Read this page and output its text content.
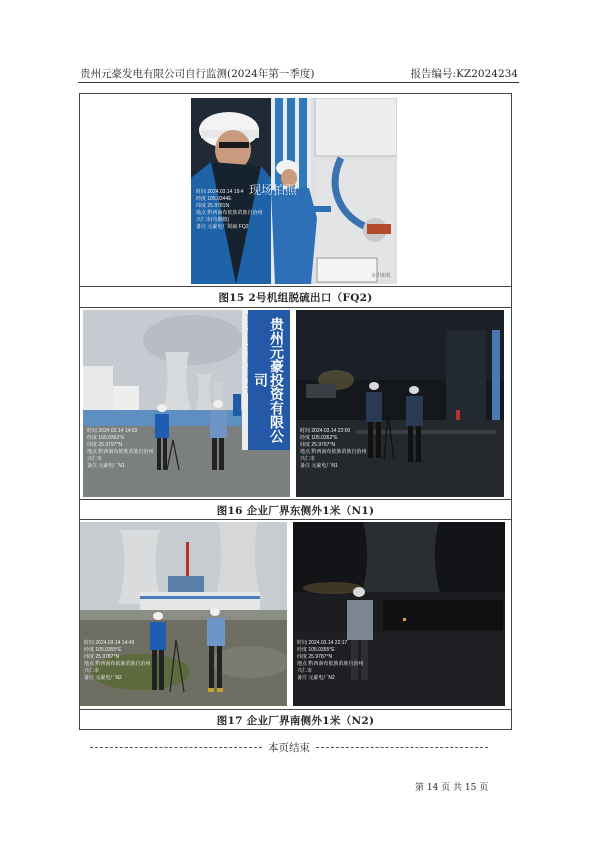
贵州元豪发电有限公司自行监测(2024年第一季度)	报告编号:KZ2024234
时间 2024.03.14 19:4
经度 105.0344E
纬度 25.9781N
地点 黔西南布依族苗族自治州
兴仁市(屯脚镇)
备注 元豪电厂脱硫 FQ2
现场拍照
水印相机
图15 2号机组脱硫出口（FQ2)
贵州元豪投资有限公司
GUIZHOU YUANHAO INVESTMENT COMPANY LIMITED
时间 2024.03.14 14:03
经度 105.0362°E
纬度 25.9797°N
地点 黔西南布依族苗族自治州
兴仁市
备注 元豪电厂N1
时间 2024.03.14 22:00
经度 105.0362°E
纬度 25.9797°N
地点 黔西南布依族苗族自治州
兴仁市
备注 元豪电厂N1
图16 企业厂界东侧外1米（N1)
时间 2024.03.14 14:49
经度 105.0355°E
纬度 25.9787°N
地点 黔西南布依族苗族自治州
兴仁市
备注 元豪电厂N2
时间 2024.03.14 22:17
经度 105.0355°E
纬度 25.9787°N
地点 黔西南布依族苗族自治州
兴仁市
备注 元豪电厂N2
图17 企业厂界南侧外1米（N2)
本页结束
第 14 页 共 15 页
